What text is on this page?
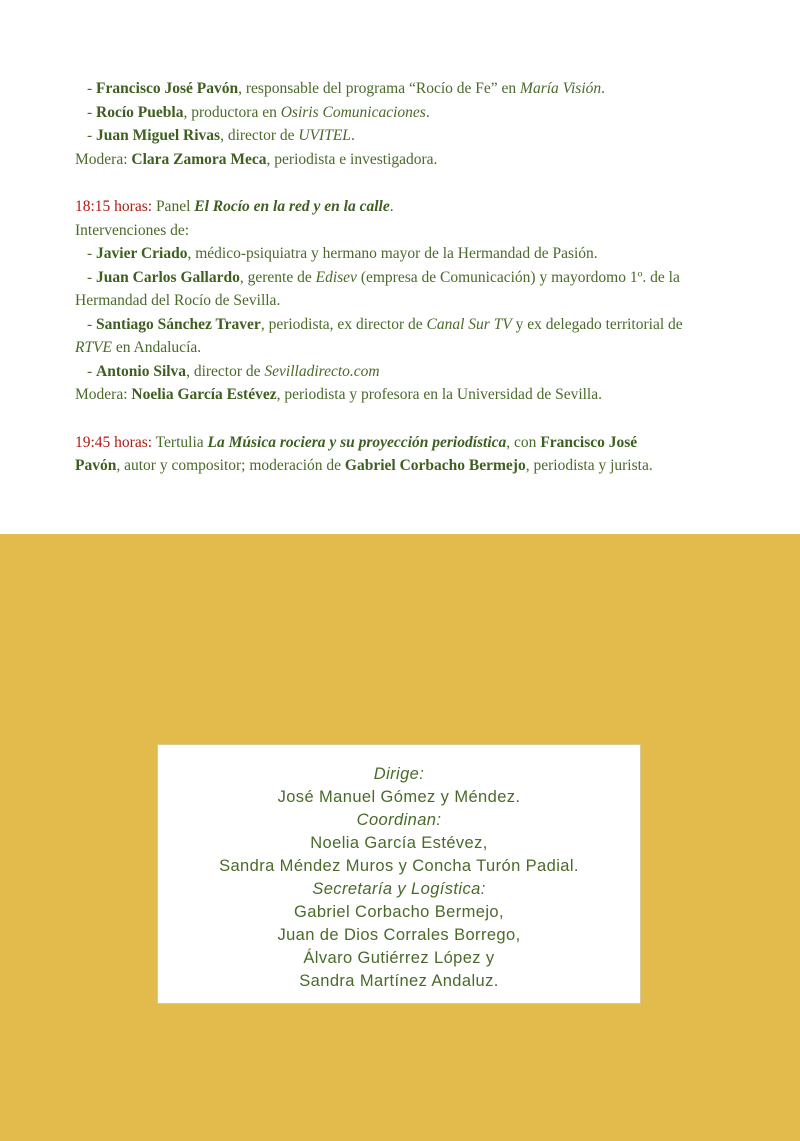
- Francisco José Pavón, responsable del programa “Rocío de Fe” en María Visión.

- Rocío Puebla, productora en Osiris Comunicaciones.

- Juan Miguel Rivas, director de UVITEL.

Modera: Clara Zamora Meca, periodista e investigadora.

18:15 horas: Panel El Rocío en la red y en la calle.

Intervenciones de:

- Javier Criado, médico-psiquiatra y hermano mayor de la Hermandad de Pasión.

- Juan Carlos Gallardo, gerente de Edisev (empresa de Comunicación) y mayordomo 1º. de la

Hermandad del Rocío de Sevilla.

- Santiago Sánchez Traver, periodista, ex director de Canal Sur TV y ex delegado territorial de

RTVE en Andalucía.

- Antonio Silva, director de Sevilladirecto.com

Modera: Noelia García Estévez, periodista y profesora en la Universidad de Sevilla.

19:45 horas: Tertulia La Música rociera y su proyección periodística, con Francisco José

Pavón, autor y compositor; moderación de Gabriel Corbacho Bermejo, periodista y jurista.

Dirige:

José Manuel Gómez y Méndez.

Coordinan:

Noelia García Estévez,

Sandra Méndez Muros y Concha Turón Padial.

Secretaría y Logística:

Gabriel Corbacho Bermejo,

Juan de Dios Corrales Borrego,

Álvaro Gutiérrez López y

Sandra Martínez Andaluz.
